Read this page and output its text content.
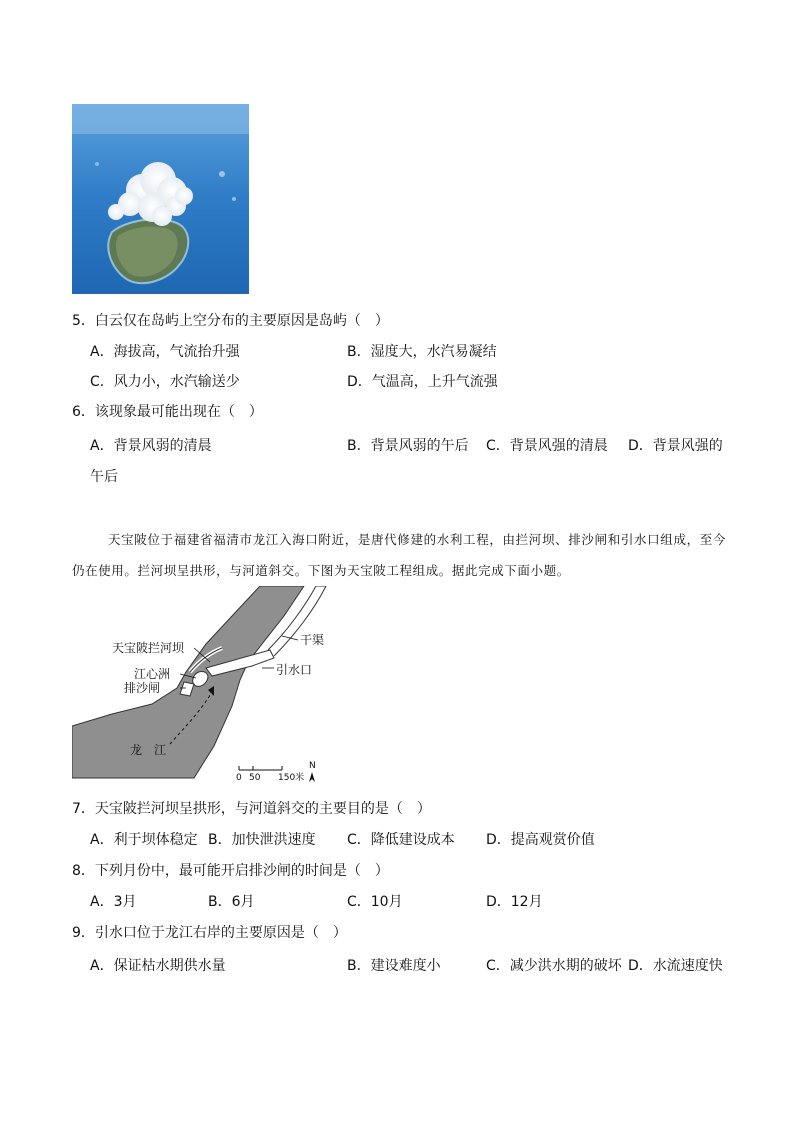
5．白云仅在岛屿上空分布的主要原因是岛屿（　）
A．海拔高，气流抬升强	B．湿度大，水汽易凝结
C．风力小，水汽输送少	D．气温高，上升气流强
6．该现象最可能出现在（　）
A．背景风弱的清晨	B．背景风弱的午后 C．背景风强的清晨 D．背景风强的
午后
天宝陂位于福建省福清市龙江入海口附近，是唐代修建的水利工程，由拦河坝、排沙闸和引水口组成，至今仍在使用。拦河坝呈拱形，与河道斜交。下图为天宝陂工程组成。据此完成下面小题。
天宝陂拦河坝
江心洲
排沙闸
干渠
引水口
龙　江
0 50 150米
N
7．天宝陂拦河坝呈拱形，与河道斜交的主要目的是（　）
A．利于坝体稳定 B．加快泄洪速度 C．降低建设成本 D．提高观赏价值
8．下列月份中，最可能开启排沙闸的时间是（　）
A．3月	B．6月	C．10月	D．12月
9．引水口位于龙江右岸的主要原因是（　）
A．保证枯水期供水量	B．建设难度小	C．减少洪水期的破坏 D．水流速度快
